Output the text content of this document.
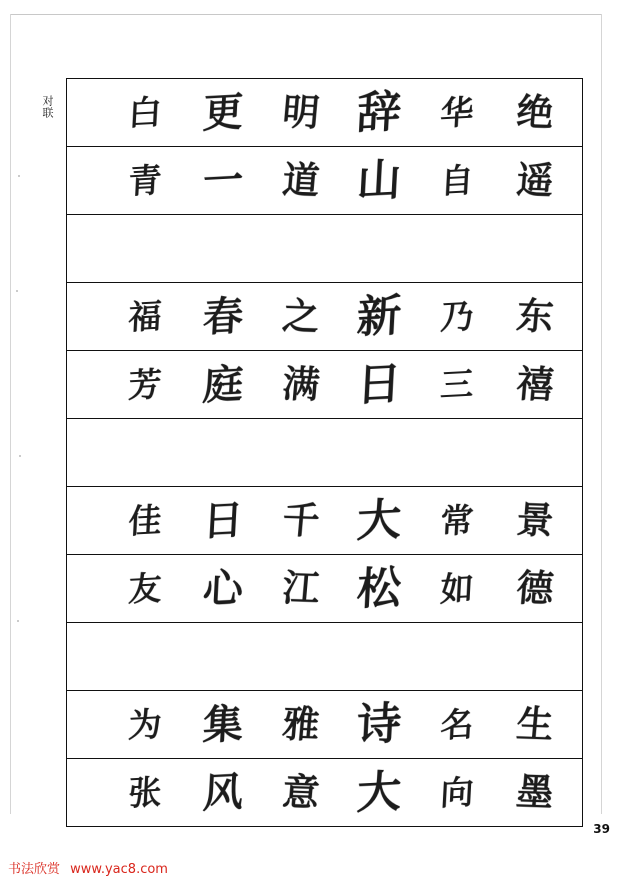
对联	绝
华
辞
明
更
白
遥
自
山
道
一
青
东
乃
新
之
春
福
禧
三
日
满
庭
芳
景
常
大
千
日
佳
德
如
松
江
心
友
生
名
诗
雅
集
为
墨
向
大
意
风
张
39
书法欣赏 www.yac8.com
